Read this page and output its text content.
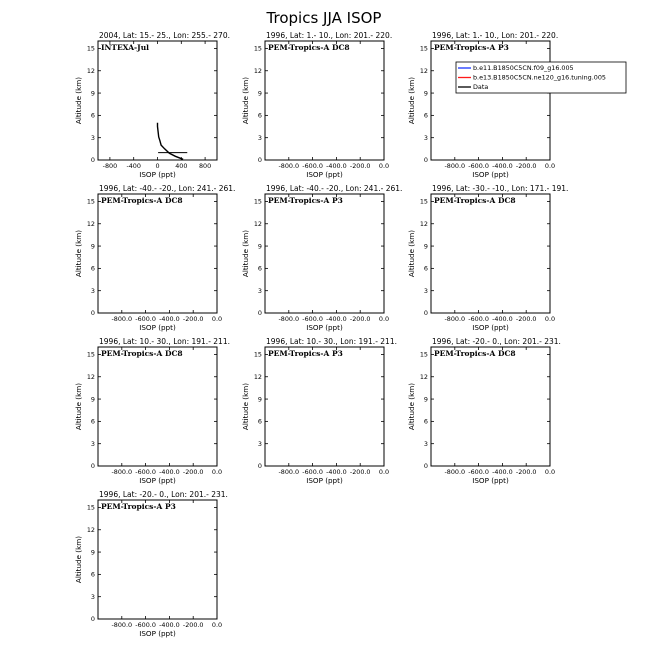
Tropics JJA ISOP
2004, Lat: 15.- 25., Lon: 255.- 270.
INTEXA-Jul
0
3
6
9
12
15
-800 -400 0 400 800
ISOP (ppt)
Altitude (km)
1996, Lat: 1.- 10., Lon: 201.- 220.
PEM-Tropics-A DC8
0
3
6
9
12
15
-800.0 -600.0 -400.0 -200.0 0.0
ISOP (ppt)
Altitude (km)
1996, Lat: 1.- 10., Lon: 201.- 220.
PEM-Tropics-A P3
0
3
6
9
12
15
-800.0 -600.0 -400.0 -200.0 0.0
ISOP (ppt)
Altitude (km)
1996, Lat: -40.- -20., Lon: 241.- 261.
PEM-Tropics-A DC8
0
3
6
9
12
15
-800.0 -600.0 -400.0 -200.0 0.0
ISOP (ppt)
Altitude (km)
1996, Lat: -40.- -20., Lon: 241.- 261.
PEM-Tropics-A P3
0
3
6
9
12
15
-800.0 -600.0 -400.0 -200.0 0.0
ISOP (ppt)
Altitude (km)
1996, Lat: -30.- -10., Lon: 171.- 191.
PEM-Tropics-A DC8
0
3
6
9
12
15
-800.0 -600.0 -400.0 -200.0 0.0
ISOP (ppt)
Altitude (km)
1996, Lat: 10.- 30., Lon: 191.- 211.
PEM-Tropics-A DC8
0
3
6
9
12
15
-800.0 -600.0 -400.0 -200.0 0.0
ISOP (ppt)
Altitude (km)
1996, Lat: 10.- 30., Lon: 191.- 211.
PEM-Tropics-A P3
0
3
6
9
12
15
-800.0 -600.0 -400.0 -200.0 0.0
ISOP (ppt)
Altitude (km)
1996, Lat: -20.- 0., Lon: 201.- 231.
PEM-Tropics-A DC8
0
3
6
9
12
15
-800.0 -600.0 -400.0 -200.0 0.0
ISOP (ppt)
Altitude (km)
1996, Lat: -20.- 0., Lon: 201.- 231.
PEM-Tropics-A P3
0
3
6
9
12
15
-800.0 -600.0 -400.0 -200.0 0.0
ISOP (ppt)
Altitude (km)
b.e11.B1850C5CN.f09_g16.005
b.e13.B1850C5CN.ne120_g16.tuning.005
Data
